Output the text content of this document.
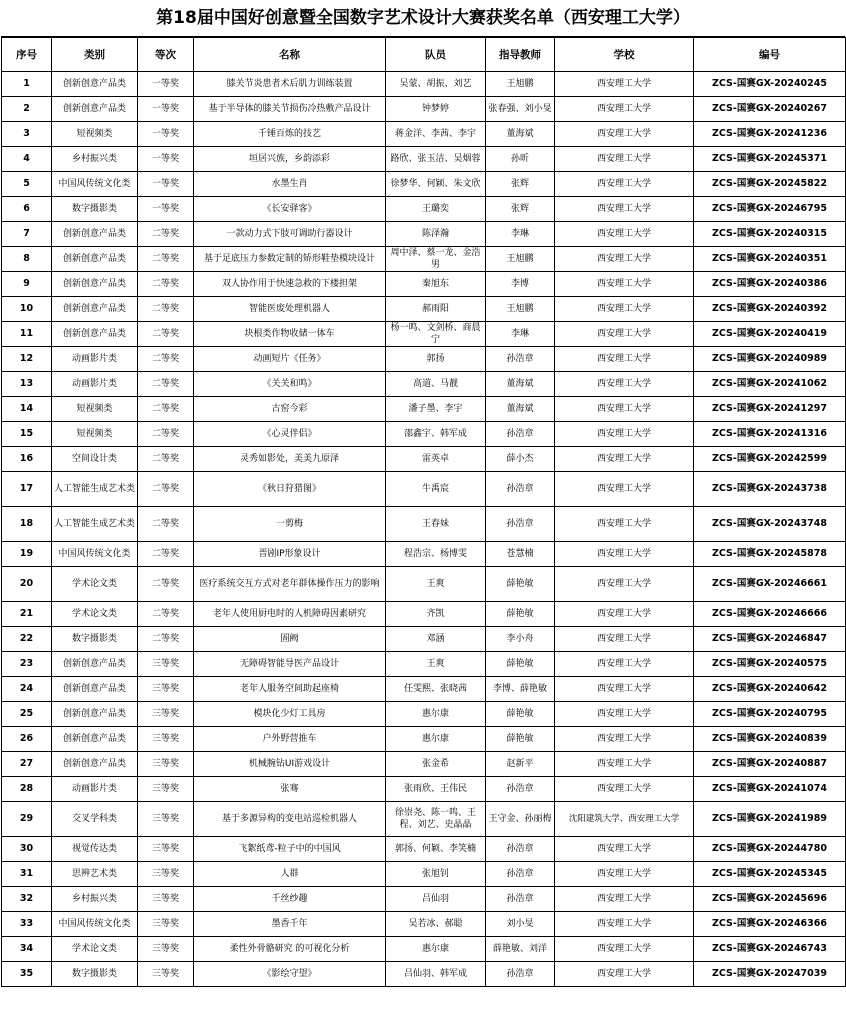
第18届中国好创意暨全国数字艺术设计大赛获奖名单（西安理工大学）
序号	类别	等次	名称	队员	指导教师	学校	编号
1	创新创意产品类	一等奖	膝关节炎患者术后肌力训练装置	吴蒙、胡振、刘艺	王旭鹏	西安理工大学	ZCS-国赛GX-20240245
2	创新创意产品类	一等奖	基于半导体的膝关节损伤冷热敷产品设计	钟梦婷	张春强、刘小旻	西安理工大学	ZCS-国赛GX-20240267
3	短视频类	一等奖	千锤百炼的技艺	蒋金洋、李茜、李宇	董海斌	西安理工大学	ZCS-国赛GX-20241236
4	乡村振兴类	一等奖	垣居兴族，乡韵添彩	路欣、张玉洁、吴烟蓉	孙昕	西安理工大学	ZCS-国赛GX-20245371
5	中国风传统文化类	一等奖	水墨生肖	徐梦华、何颖、朱文欣	张辉	西安理工大学	ZCS-国赛GX-20245822
6	数字摄影类	一等奖	《长安驿客》	王璐奕	张辉	西安理工大学	ZCS-国赛GX-20246795
7	创新创意产品类	二等奖	一款动力式下肢可调助行器设计	陈泽瀚	李琳	西安理工大学	ZCS-国赛GX-20240315
8	创新创意产品类	二等奖	基于足底压力参数定制的矫形鞋垫模块设计	周中泽、蔡一龙、金浩男	王旭鹏	西安理工大学	ZCS-国赛GX-20240351
9	创新创意产品类	二等奖	双人协作用于快速急救的下楼担架	秦旭东	李博	西安理工大学	ZCS-国赛GX-20240386
10	创新创意产品类	二等奖	智能医废处理机器人	郝雨阳	王旭鹏	西安理工大学	ZCS-国赛GX-20240392
11	创新创意产品类	二等奖	块根类作物收储一体车	杨一鸣、文剑桥、商晨宁	李琳	西安理工大学	ZCS-国赛GX-20240419
12	动画影片类	二等奖	动画短片《任务》	郭扬	孙浩章	西安理工大学	ZCS-国赛GX-20240989
13	动画影片类	二等奖	《关关和鸣》	高道、马靓	董海斌	西安理工大学	ZCS-国赛GX-20241062
14	短视频类	二等奖	古窑今彩	潘子墨、李宇	董海斌	西安理工大学	ZCS-国赛GX-20241297
15	短视频类	二等奖	《心灵伴侣》	邵鑫宇、韩军成	孙浩章	西安理工大学	ZCS-国赛GX-20241316
16	空间设计类	二等奖	灵秀如影处，美美九原泽	雷英卓	薛小杰	西安理工大学	ZCS-国赛GX-20242599
17	人工智能生成艺术类	二等奖	《秋日狩猎图》	牛禹宸	孙浩章	西安理工大学	ZCS-国赛GX-20243738
18	人工智能生成艺术类	二等奖	一剪梅	王春妹	孙浩章	西安理工大学	ZCS-国赛GX-20243748
19	中国风传统文化类	二等奖	晋剧IP形象设计	程浩宗、杨博雯	苍慧楠	西安理工大学	ZCS-国赛GX-20245878
20	学术论文类	二等奖	医疗系统交互方式对老年群体操作压力的影响	王爽	薛艳敏	西安理工大学	ZCS-国赛GX-20246661
21	学术论文类	二等奖	老年人使用厨电时的人机障碍因素研究	齐凯	薛艳敏	西安理工大学	ZCS-国赛GX-20246666
22	数字摄影类	二等奖	圄阙	邓涵	李小舟	西安理工大学	ZCS-国赛GX-20246847
23	创新创意产品类	三等奖	无障碍智能导医产品设计	王爽	薛艳敏	西安理工大学	ZCS-国赛GX-20240575
24	创新创意产品类	三等奖	老年人服务空间助起座椅	任雯熙、张晓茜	李博、薛艳敏	西安理工大学	ZCS-国赛GX-20240642
25	创新创意产品类	三等奖	模块化少灯工具房	惠尔康	薛艳敏	西安理工大学	ZCS-国赛GX-20240795
26	创新创意产品类	三等奖	户外野营推车	惠尔康	薛艳敏	西安理工大学	ZCS-国赛GX-20240839
27	创新创意产品类	三等奖	机械腕钻UI游戏设计	张金希	赵新平	西安理工大学	ZCS-国赛GX-20240887
28	动画影片类	三等奖	张骞	张雨欣、王伟民	孙浩章	西安理工大学	ZCS-国赛GX-20241074
29	交叉学科类	三等奖	基于多源异构的变电站巡检机器人	徐崇尧、陈一鸣、王程、刘艺、史晶晶	王守金、孙丽梅	沈阳建筑大学、西安理工大学	ZCS-国赛GX-20241989
30	视觉传达类	三等奖	飞絮纸鸢-粒子中的中国风	郭扬、何颖、李笑楠	孙浩章	西安理工大学	ZCS-国赛GX-20244780
31	思辨艺术类	三等奖	人群	张旭钊	孙浩章	西安理工大学	ZCS-国赛GX-20245345
32	乡村振兴类	三等奖	千丝纱趣	吕仙羽	孙浩章	西安理工大学	ZCS-国赛GX-20245696
33	中国风传统文化类	三等奖	墨香千年	吴若冰、郝聪	刘小旻	西安理工大学	ZCS-国赛GX-20246366
34	学术论文类	三等奖	柔性外骨骼研究 的可视化分析	惠尔康	薛艳敏、刘洋	西安理工大学	ZCS-国赛GX-20246743
35	数字摄影类	三等奖	《影绘守望》	吕仙羽、韩军成	孙浩章	西安理工大学	ZCS-国赛GX-20247039
